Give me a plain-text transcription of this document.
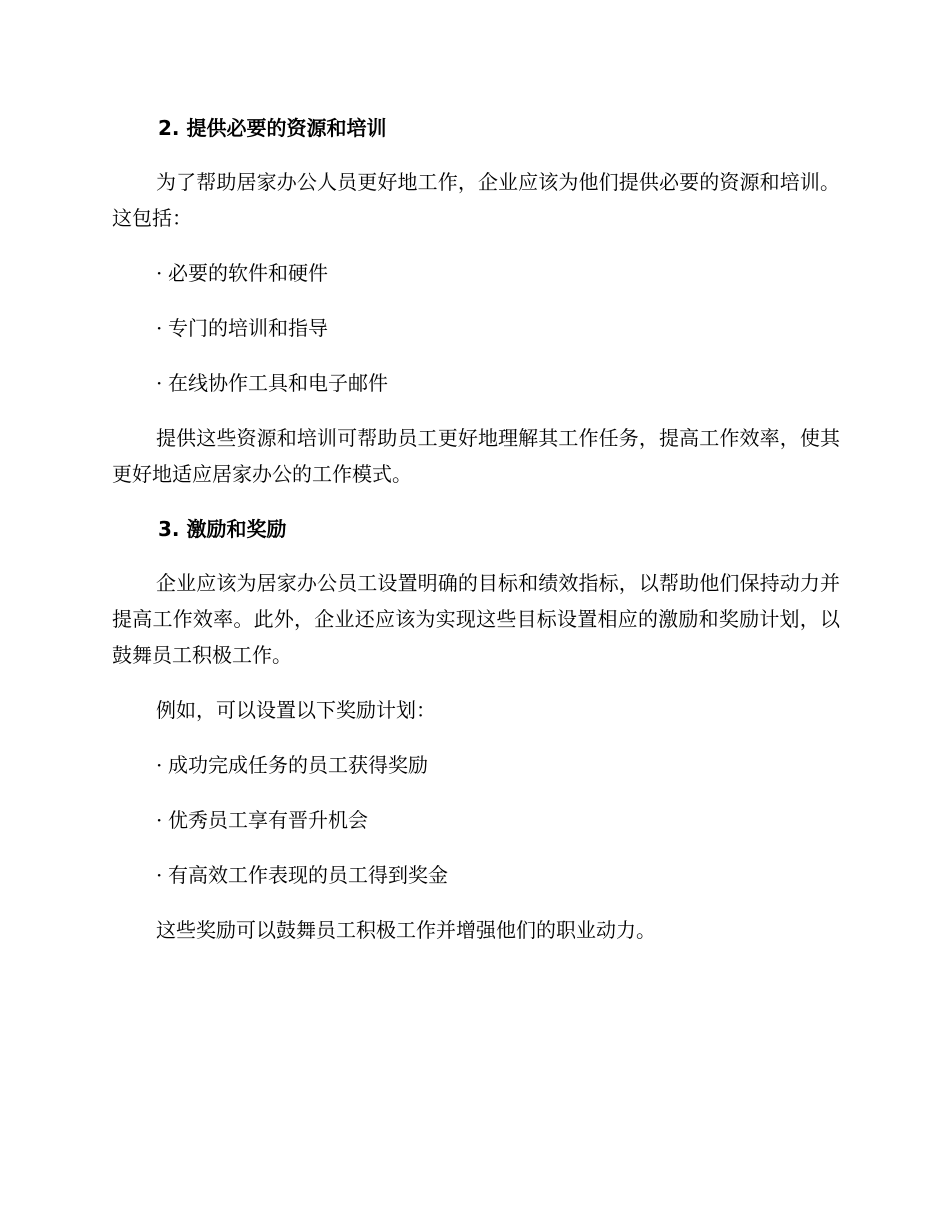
2. 提供必要的资源和培训

为了帮助居家办公人员更好地工作，企业应该为他们提供必要的资源和培训。这包括：

· 必要的软件和硬件
· 专门的培训和指导
· 在线协作工具和电子邮件

提供这些资源和培训可帮助员工更好地理解其工作任务，提高工作效率，使其更好地适应居家办公的工作模式。

3. 激励和奖励

企业应该为居家办公员工设置明确的目标和绩效指标，以帮助他们保持动力并提高工作效率。此外，企业还应该为实现这些目标设置相应的激励和奖励计划，以鼓舞员工积极工作。

例如，可以设置以下奖励计划：

· 成功完成任务的员工获得奖励
· 优秀员工享有晋升机会
· 有高效工作表现的员工得到奖金

这些奖励可以鼓舞员工积极工作并增强他们的职业动力。
